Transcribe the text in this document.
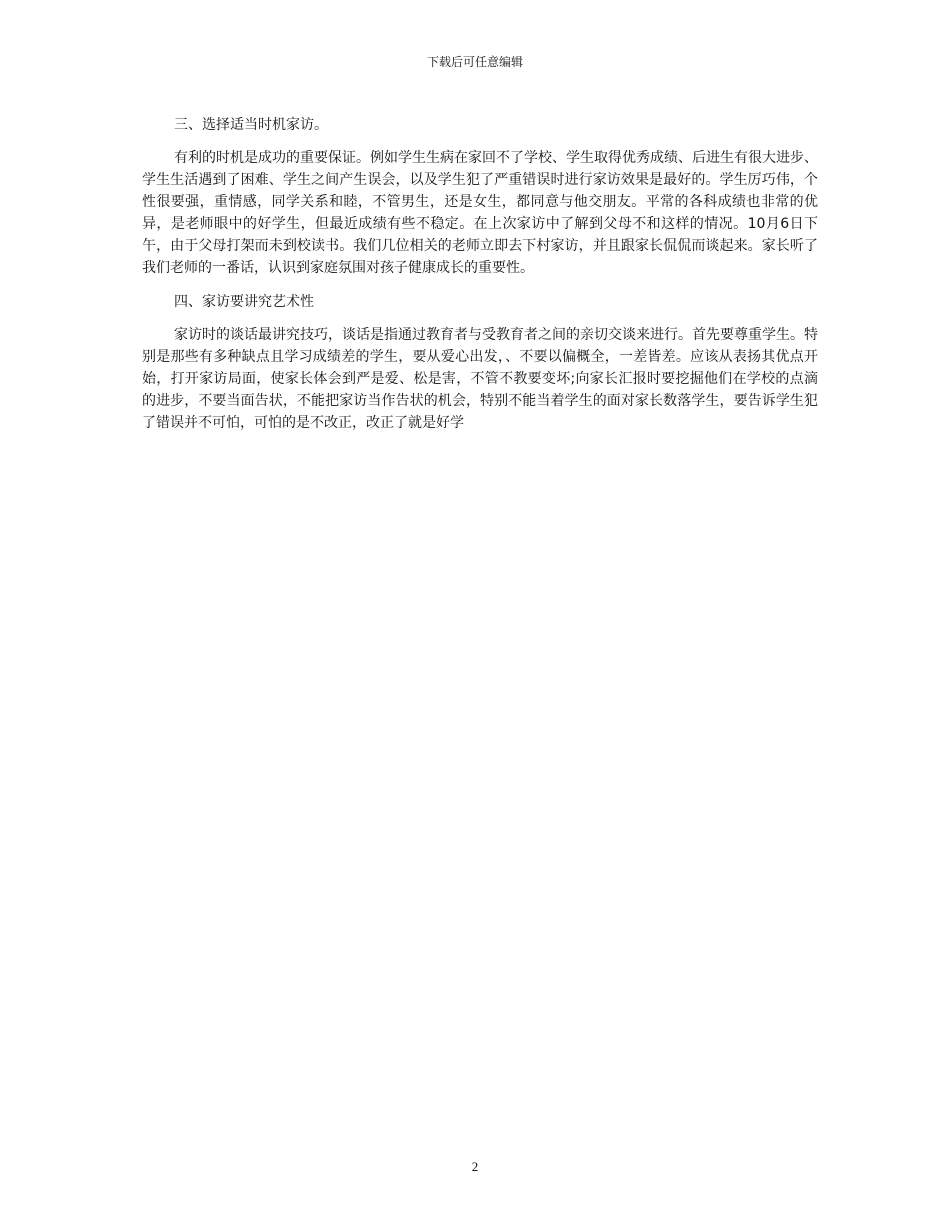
下载后可任意编辑

三、选择适当时机家访。

有利的时机是成功的重要保证。例如学生生病在家回不了学校、学生取得优秀成绩、后进生有很大进步、学生生活遇到了困难、学生之间产生误会，以及学生犯了严重错误时进行家访效果是最好的。学生厉巧伟，个性很要强，重情感，同学关系和睦，不管男生，还是女生，都同意与他交朋友。平常的各科成绩也非常的优异，是老师眼中的好学生，但最近成绩有些不稳定。在上次家访中了解到父母不和这样的情况。10月6日下午，由于父母打架而未到校读书。我们几位相关的老师立即去下村家访，并且跟家长侃侃而谈起来。家长听了我们老师的一番话，认识到家庭氛围对孩子健康成长的重要性。

四、家访要讲究艺术性

家访时的谈话最讲究技巧，谈话是指通过教育者与受教育者之间的亲切交谈来进行。首先要尊重学生。特别是那些有多种缺点且学习成绩差的学生，要从爱心出发，、不要以偏概全，一差皆差。应该从表扬其优点开始，打开家访局面，使家长体会到严是爱、松是害，不管不教要变坏;向家长汇报时要挖掘他们在学校的点滴的进步，不要当面告状，不能把家访当作告状的机会，特别不能当着学生的面对家长数落学生，要告诉学生犯了错误并不可怕，可怕的是不改正，改正了就是好学

2
